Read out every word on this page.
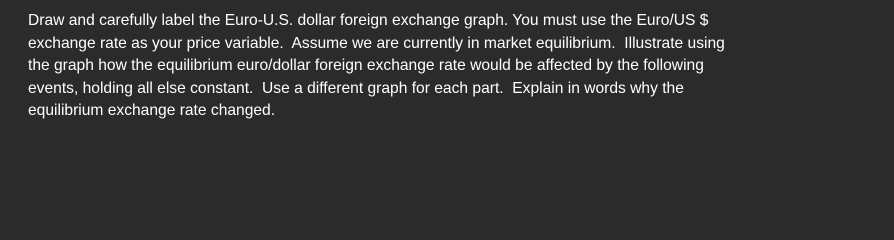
Draw and carefully label the Euro-U.S. dollar foreign exchange graph. You must use the Euro/US $
exchange rate as your price variable.  Assume we are currently in market equilibrium.  Illustrate using
the graph how the equilibrium euro/dollar foreign exchange rate would be affected by the following
events, holding all else constant.  Use a different graph for each part.  Explain in words why the
equilibrium exchange rate changed.
